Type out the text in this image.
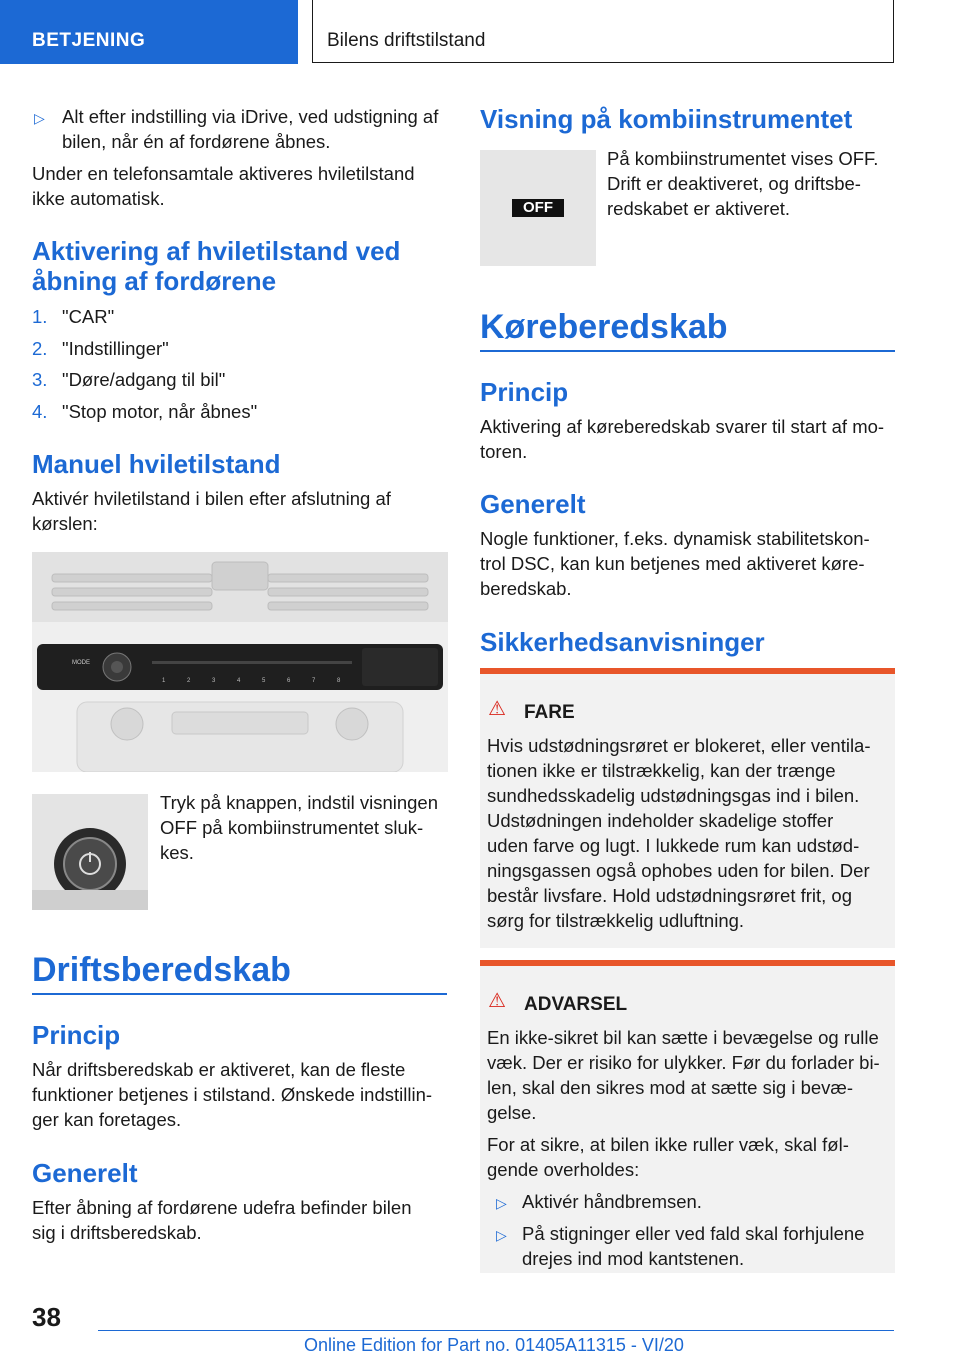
BETJENING	Bilens driftstilstand
▷ Alt efter indstilling via iDrive, ved udstigning af

bilen, når én af fordørene åbnes.

Under en telefonsamtale aktiveres hviletilstand

ikke automatisk.

Aktivering af hviletilstand ved
åbning af fordørene
1. "CAR"
2. "Indstillinger"
3. "Døre/adgang til bil"
4. "Stop motor, når åbnes"
Manuel hviletilstand

Aktivér hviletilstand i bilen efter afslutning af

kørslen:

MODE
1	2	3	4	5	6	7	8

Tryk på knappen, indstil visningen

OFF på kombiinstrumentet sluk-

kes.

Driftsberedskab
Princip

Når driftsberedskab er aktiveret, kan de fleste

funktioner betjenes i stilstand. Ønskede indstillin-

ger kan foretages.

Generelt

Efter åbning af fordørene udefra befinder bilen

sig i driftsberedskab.

Visning på kombiinstrumentet
OFF

På kombiinstrumentet vises OFF.

Drift er deaktiveret, og driftsbe-

redskabet er aktiveret.

Køreberedskab
Princip

Aktivering af køreberedskab svarer til start af mo-

toren.

Generelt

Nogle funktioner, f.eks. dynamisk stabilitetskon-

trol DSC, kan kun betjenes med aktiveret køre-

beredskab.

Sikkerhedsanvisninger
⚠ FARE

Hvis udstødningsrøret er blokeret, eller ventila-

tionen ikke er tilstrækkelig, kan der trænge

sundhedsskadelig udstødningsgas ind i bilen.

Udstødningen indeholder skadelige stoffer

uden farve og lugt. I lukkede rum kan udstød-

ningsgassen også ophobes uden for bilen. Der

består livsfare. Hold udstødningsrøret frit, og

sørg for tilstrækkelig udluftning.

⚠ ADVARSEL

En ikke-sikret bil kan sætte i bevægelse og rulle

væk. Der er risiko for ulykker. Før du forlader bi-

len, skal den sikres mod at sætte sig i bevæ-

gelse.

For at sikre, at bilen ikke ruller væk, skal føl-

gende overholdes:

▷ Aktivér håndbremsen.

▷ På stigninger eller ved fald skal forhjulene

drejes ind mod kantstenen.

38
Online Edition for Part no. 01405A11315 - VI/20
